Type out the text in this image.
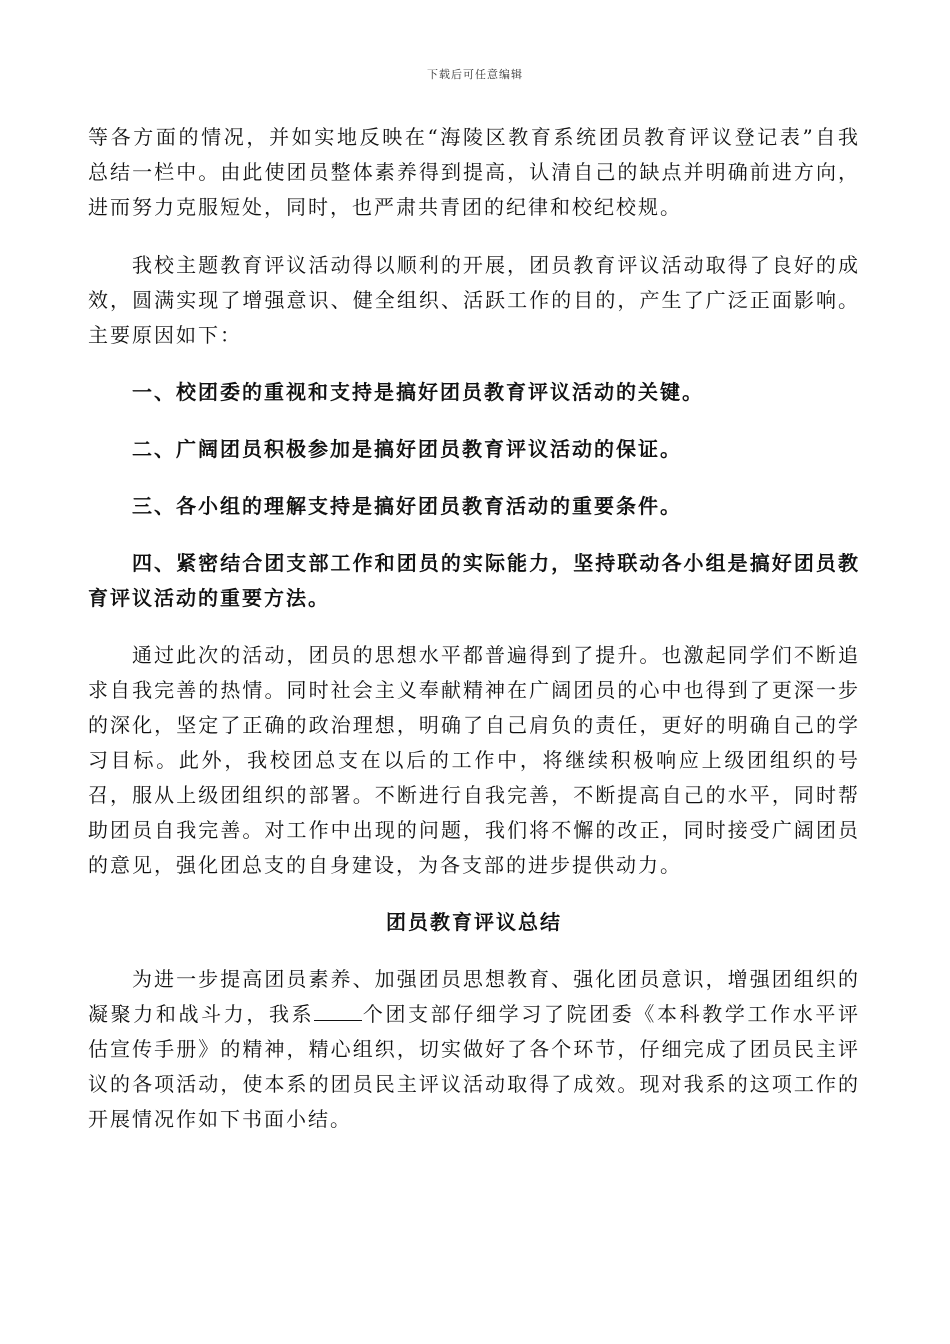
下载后可任意编辑

等各方面的情况，并如实地反映在“海陵区教育系统团员教育评议登记表”自我总结一栏中。由此使团员整体素养得到提高，认清自己的缺点并明确前进方向，进而努力克服短处，同时，也严肃共青团的纪律和校纪校规。

我校主题教育评议活动得以顺利的开展，团员教育评议活动取得了良好的成效，圆满实现了增强意识、健全组织、活跃工作的目的，产生了广泛正面影响。主要原因如下：

一、校团委的重视和支持是搞好团员教育评议活动的关键。

二、广阔团员积极参加是搞好团员教育评议活动的保证。

三、各小组的理解支持是搞好团员教育活动的重要条件。

四、紧密结合团支部工作和团员的实际能力，坚持联动各小组是搞好团员教育评议活动的重要方法。

通过此次的活动，团员的思想水平都普遍得到了提升。也激起同学们不断追求自我完善的热情。同时社会主义奉献精神在广阔团员的心中也得到了更深一步的深化，坚定了正确的政治理想，明确了自己肩负的责任，更好的明确自己的学习目标。此外，我校团总支在以后的工作中，将继续积极响应上级团组织的号召，服从上级团组织的部署。不断进行自我完善，不断提高自己的水平，同时帮助团员自我完善。对工作中出现的问题，我们将不懈的改正，同时接受广阔团员的意见，强化团总支的自身建设，为各支部的进步提供动力。

团员教育评议总结

为进一步提高团员素养、加强团员思想教育、强化团员意识，增强团组织的凝聚力和战斗力，我系 个团支部仔细学习了院团委《本科教学工作水平评估宣传手册》的精神，精心组织，切实做好了各个环节，仔细完成了团员民主评议的各项活动，使本系的团员民主评议活动取得了成效。现对我系的这项工作的开展情况作如下书面小结。
